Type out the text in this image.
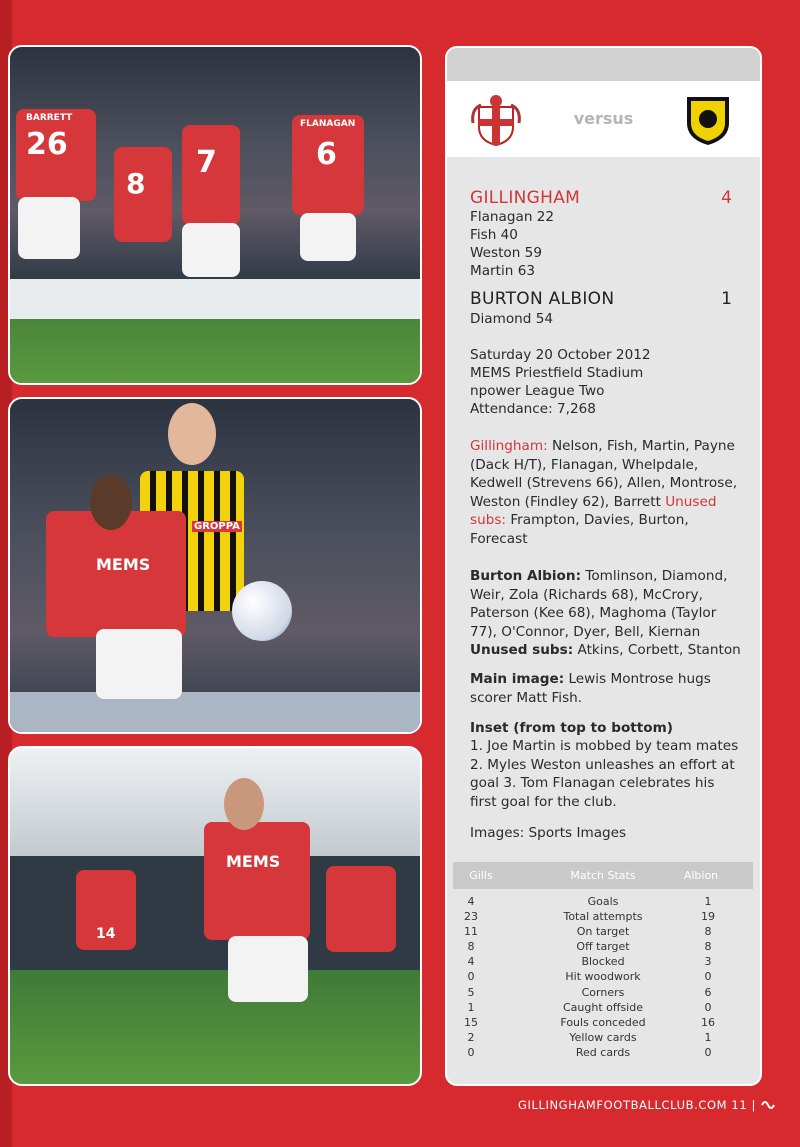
BARRETT
26
8
7
FLANAGAN
6
GROPPA
MEMS
14
MEMS
versus
GILLINGHAM	4
Flanagan 22
Fish 40
Weston 59
Martin 63
BURTON ALBION	1
Diamond 54
Saturday 20 October 2012
MEMS Priestfield Stadium
npower League Two
Attendance: 7,268
Gillingham: Nelson, Fish, Martin, Payne (Dack H/T), Flanagan, Whelpdale, Kedwell (Strevens 66), Allen, Montrose, Weston (Findley 62), Barrett Unused subs: Frampton, Davies, Burton, Forecast
Burton Albion: Tomlinson, Diamond, Weir, Zola (Richards 68), McCrory, Paterson (Kee 68), Maghoma (Taylor 77), O'Connor, Dyer, Bell, Kiernan
Unused subs: Atkins, Corbett, Stanton
Main image: Lewis Montrose hugs scorer Matt Fish.
Inset (from top to bottom)
1. Joe Martin is mobbed by team mates 2. Myles Weston unleashes an effort at goal 3. Tom Flanagan celebrates his first goal for the club.
Images: Sports Images
Gills	Match Stats	Albion
4	Goals	1
23	Total attempts	19
11	On target	8
8	Off target	8
4	Blocked	3
0	Hit woodwork	0
5	Corners	6
1	Caught offside	0
15	Fouls conceded	16
2	Yellow cards	1
0	Red cards	0
GILLINGHAMFOOTBALLCLUB.COM 11 |
